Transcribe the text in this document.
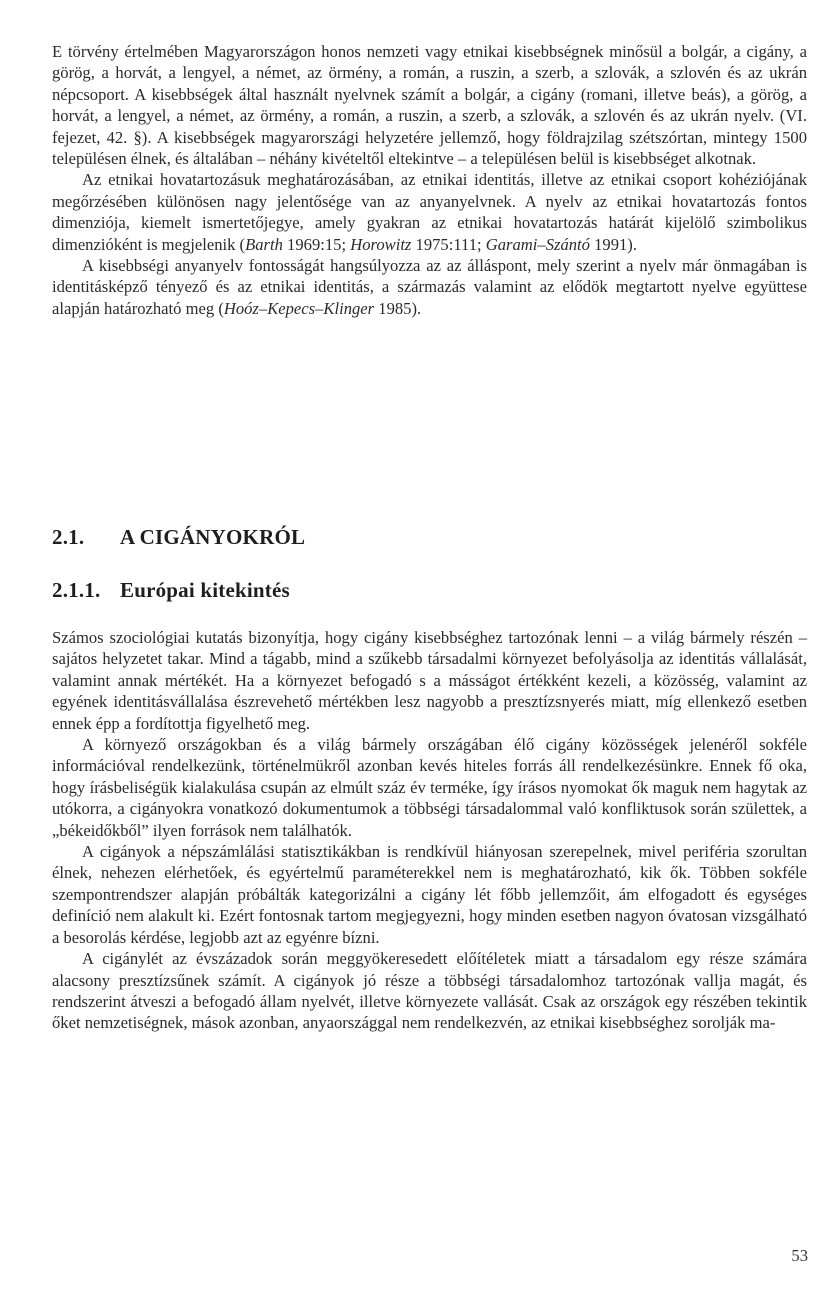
E törvény értelmében Magyarországon honos nemzeti vagy etnikai kisebbségnek minősül a bolgár, a cigány, a görög, a horvát, a lengyel, a német, az örmény, a román, a ruszin, a szerb, a szlovák, a szlovén és az ukrán népcsoport. A kisebbségek által használt nyelvnek számít a bolgár, a cigány (romani, illetve beás), a görög, a horvát, a lengyel, a német, az örmény, a román, a ruszin, a szerb, a szlovák, a szlovén és az ukrán nyelv. (VI. fejezet, 42. §). A kisebbségek magyarországi helyzetére jellemző, hogy földrajzilag szétszórtan, mintegy 1500 településen élnek, és általában – néhány kivételtől eltekintve – a településen belül is kisebbséget alkotnak.

Az etnikai hovatartozásuk meghatározásában, az etnikai identitás, illetve az etnikai csoport kohéziójának megőrzésében különösen nagy jelentősége van az anyanyelvnek. A nyelv az etnikai hovatartozás fontos dimenziója, kiemelt ismertetőjegye, amely gyakran az etnikai hovatartozás határát kijelölő szimbolikus dimenzióként is megjelenik (Barth 1969:15; Horowitz 1975:111; Garami–Szántó 1991).

A kisebbségi anyanyelv fontosságát hangsúlyozza az az álláspont, mely szerint a nyelv már önmagában is identitásképző tényező és az etnikai identitás, a származás valamint az elődök megtartott nyelve együttese alapján határozható meg (Hoóz–Kepecs–Klinger 1985).

2.1. A CIGÁNYOKRÓL
2.1.1. Európai kitekintés

Számos szociológiai kutatás bizonyítja, hogy cigány kisebbséghez tartozónak lenni – a világ bármely részén – sajátos helyzetet takar. Mind a tágabb, mind a szűkebb társadalmi környezet befolyásolja az identitás vállalását, valamint annak mértékét. Ha a környezet befogadó s a másságot értékként kezeli, a közösség, valamint az egyének identitásvállalása észrevehető mértékben lesz nagyobb a presztízsnyerés miatt, míg ellenkező esetben ennek épp a fordítottja figyelhető meg.

A környező országokban és a világ bármely országában élő cigány közösségek jelenéről sokféle információval rendelkezünk, történelmükről azonban kevés hiteles forrás áll rendelkezésünkre. Ennek fő oka, hogy írásbeliségük kialakulása csupán az elmúlt száz év terméke, így írásos nyomokat ők maguk nem hagytak az utókorra, a cigányokra vonatkozó dokumentumok a többségi társadalommal való konfliktusok során születtek, a „békeidőkből” ilyen források nem találhatók.

A cigányok a népszámlálási statisztikákban is rendkívül hiányosan szerepelnek, mivel periféria szorultan élnek, nehezen elérhetőek, és egyértelmű paraméterekkel nem is meghatározható, kik ők. Többen sokféle szempontrendszer alapján próbálták kategorizálni a cigány lét főbb jellemzőit, ám elfogadott és egységes definíció nem alakult ki. Ezért fontosnak tartom megjegyezni, hogy minden esetben nagyon óvatosan vizsgálható a besorolás kérdése, legjobb azt az egyénre bízni.

A cigánylét az évszázadok során meggyökeresedett előítéletek miatt a társadalom egy része számára alacsony presztízsűnek számít. A cigányok jó része a többségi társadalomhoz tartozónak vallja magát, és rendszerint átveszi a befogadó állam nyelvét, illetve környezete vallását. Csak az országok egy részében tekintik őket nemzetiségnek, mások azonban, anyaországgal nem rendelkezvén, az etnikai kisebbséghez sorolják ma-

53
